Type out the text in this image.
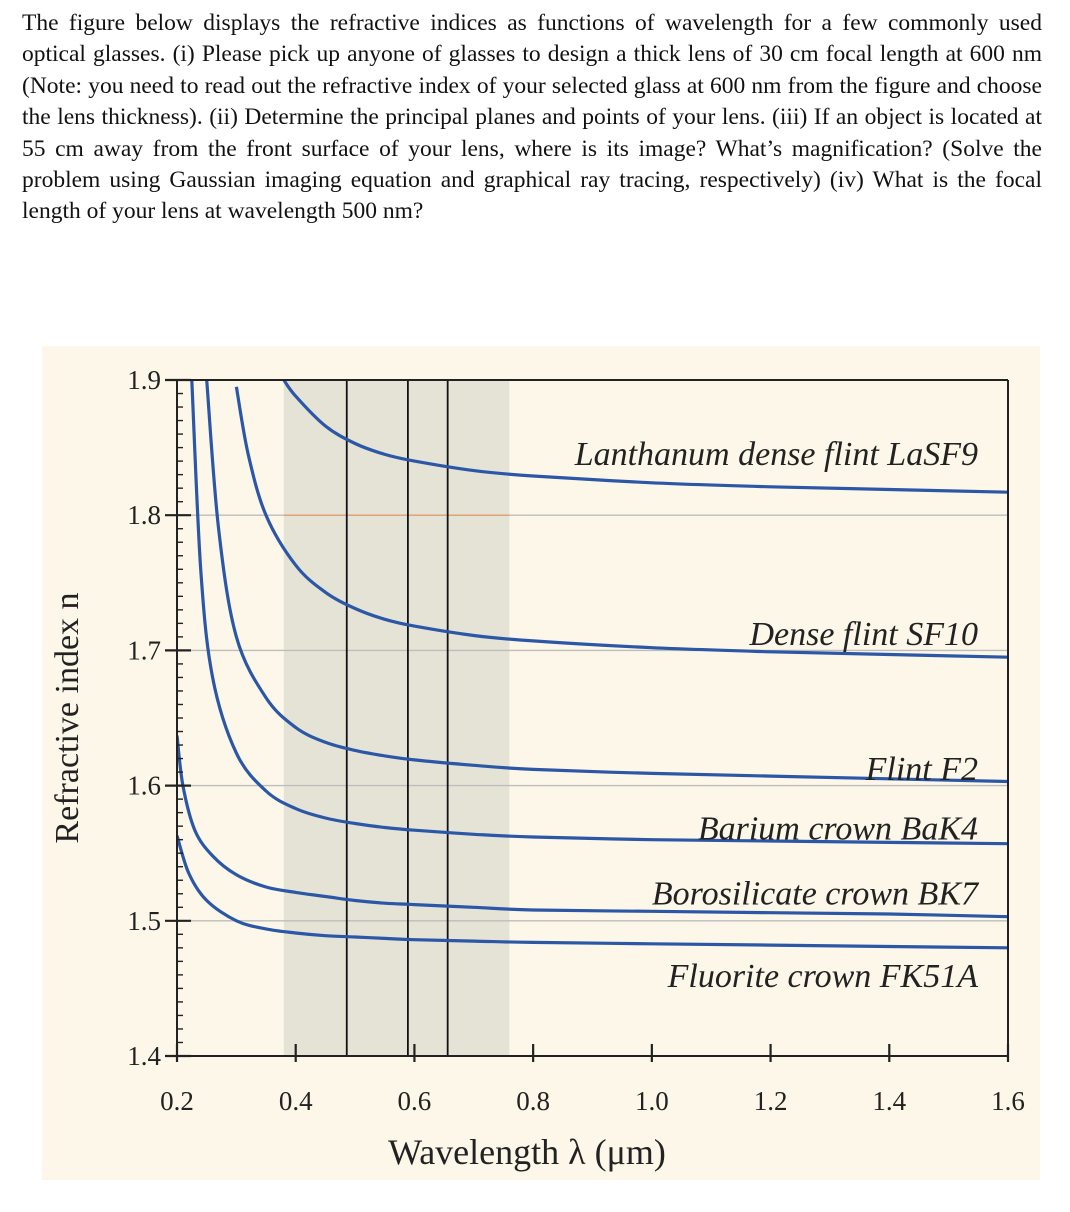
The figure below displays the refractive indices as functions of wavelength for a few commonly used optical glasses. (i) Please pick up anyone of glasses to design a thick lens of 30 cm focal length at 600 nm (Note: you need to read out the refractive index of your selected glass at 600 nm from the figure and choose the lens thickness). (ii) Determine the principal planes and points of your lens. (iii) If an object is located at 55 cm away from the front surface of your lens, where is its image? What’s magnification? (Solve the problem using Gaussian imaging equation and graphical ray tracing, respectively) (iv) What is the focal length of your lens at wavelength 500 nm?
1.4
1.5
1.6
1.7
1.8
1.9
0.2	0.4	0.6	0.8	1.0	1.2	1.4	1.6
Wavelength λ (μm)
Refractive index n
Lanthanum dense flint LaSF9
Dense flint SF10
Flint F2
Barium crown BaK4
Borosilicate crown BK7
Fluorite crown FK51A
